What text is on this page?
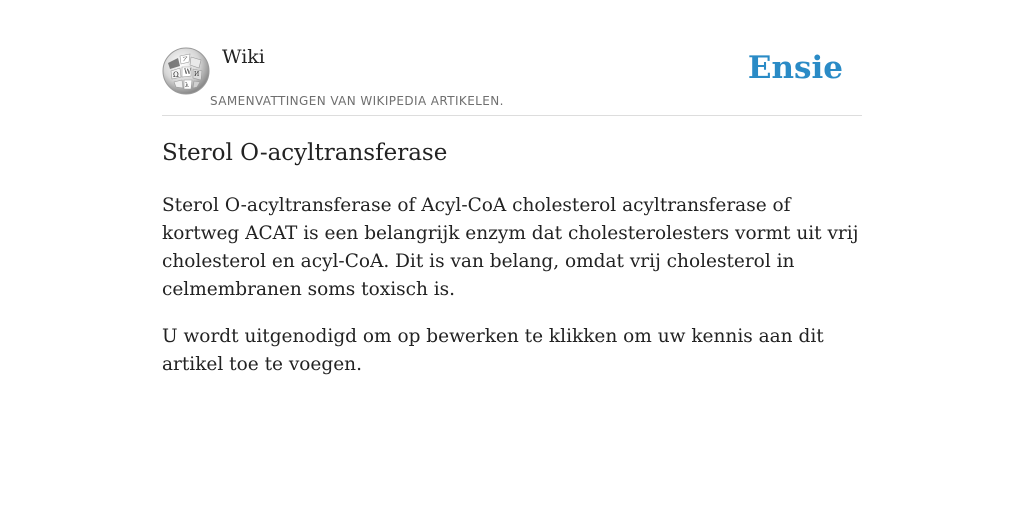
Ω W И
λ
ア Wiki
SAMENVATTINGEN VAN WIKIPEDIA ARTIKELEN.
Ensie
Sterol O-acyltransferase

Sterol O-acyltransferase of Acyl-CoA cholesterol acyltransferase of kortweg ACAT is een belangrijk enzym dat cholesterolesters vormt uit vrij cholesterol en acyl-CoA. Dit is van belang, omdat vrij cholesterol in celmembranen soms toxisch is.

U wordt uitgenodigd om op bewerken te klikken om uw kennis aan dit artikel toe te voegen.
